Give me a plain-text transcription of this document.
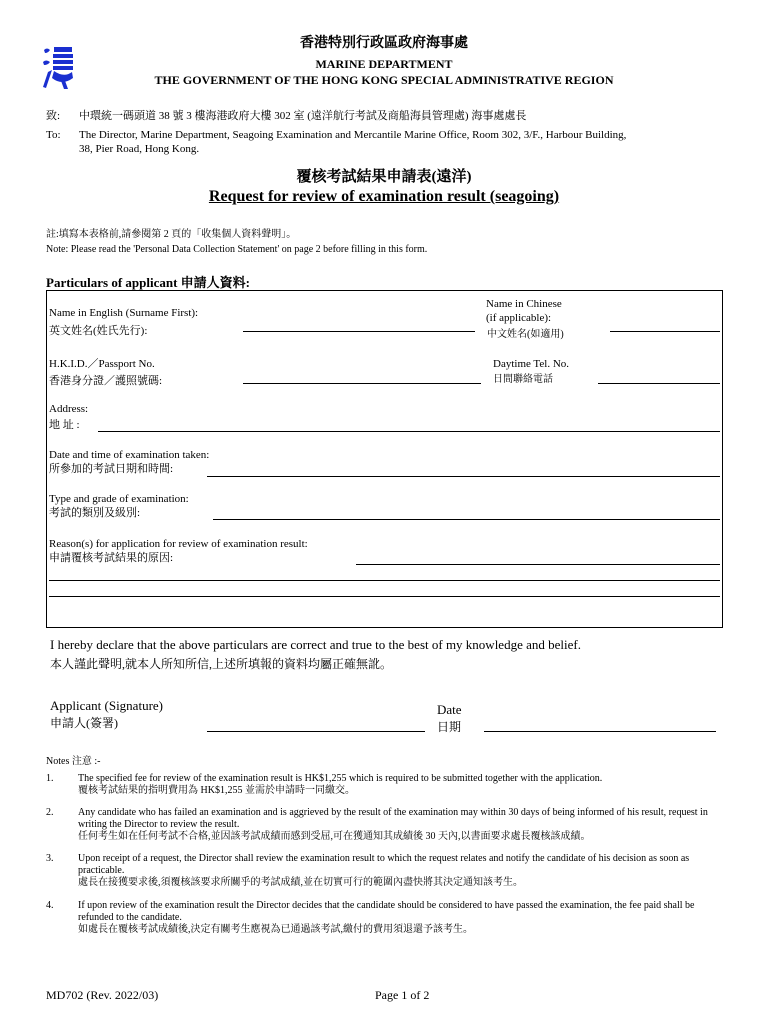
香港特別行政區政府海事處
MARINE DEPARTMENT
THE GOVERNMENT OF THE HONG KONG SPECIAL ADMINISTRATIVE REGION
致: 中環統一碼頭道 38 號 3 樓海港政府大樓 302 室 (遠洋航行考試及商船海員管理處) 海事處處長
To: The Director, Marine Department, Seagoing Examination and Mercantile Marine Office, Room 302, 3/F., Harbour Building,
38, Pier Road, Hong Kong.
覆核考試結果申請表(遠洋)
Request for review of examination result (seagoing)
註:填寫本表格前,請參閱第 2 頁的「收集個人資料聲明」。
Note: Please read the 'Personal Data Collection Statement' on page 2 before filling in this form.
Particulars of applicant 申請人資料:
Name in English (Surname First):
英文姓名(姓氏先行):
Name in Chinese
(if applicable):
中文姓名(如適用)
H.K.I.D.／Passport No.
香港身分證／護照號碼:
Daytime Tel. No.
日間聯絡電話
Address:
地 址 :
Date and time of examination taken:
所參加的考試日期和時間:
Type and grade of examination:
考試的類別及級別:
Reason(s) for application for review of examination result:
申請覆核考試結果的原因:
I hereby declare that the above particulars are correct and true to the best of my knowledge and belief.
本人謹此聲明,就本人所知所信,上述所填報的資料均屬正確無訛。
Applicant (Signature)
申請人(簽署)
Date
日期
Notes 注意 :-
1. The specified fee for review of the examination result is HK$1,255 which is required to be submitted together with the application.
覆核考試結果的指明費用為 HK$1,255 並需於申請時一同繳交。
2. Any candidate who has failed an examination and is aggrieved by the result of the examination may within 30 days of being informed of his result, request in writing the Director to review the result.
任何考生如在任何考試不合格,並因該考試成績而感到受屈,可在獲通知其成績後 30 天內,以書面要求處長覆核該成績。
3. Upon receipt of a request, the Director shall review the examination result to which the request relates and notify the candidate of his decision as soon as practicable.
處長在接獲要求後,須覆核該要求所關乎的考試成績,並在切實可行的範圍內盡快將其決定通知該考生。
4. If upon review of the examination result the Director decides that the candidate should be considered to have passed the examination, the fee paid shall be refunded to the candidate.
如處長在覆核考試成績後,決定有關考生應視為已通過該考試,繳付的費用須退還予該考生。
MD702 (Rev. 2022/03)	Page 1 of 2
